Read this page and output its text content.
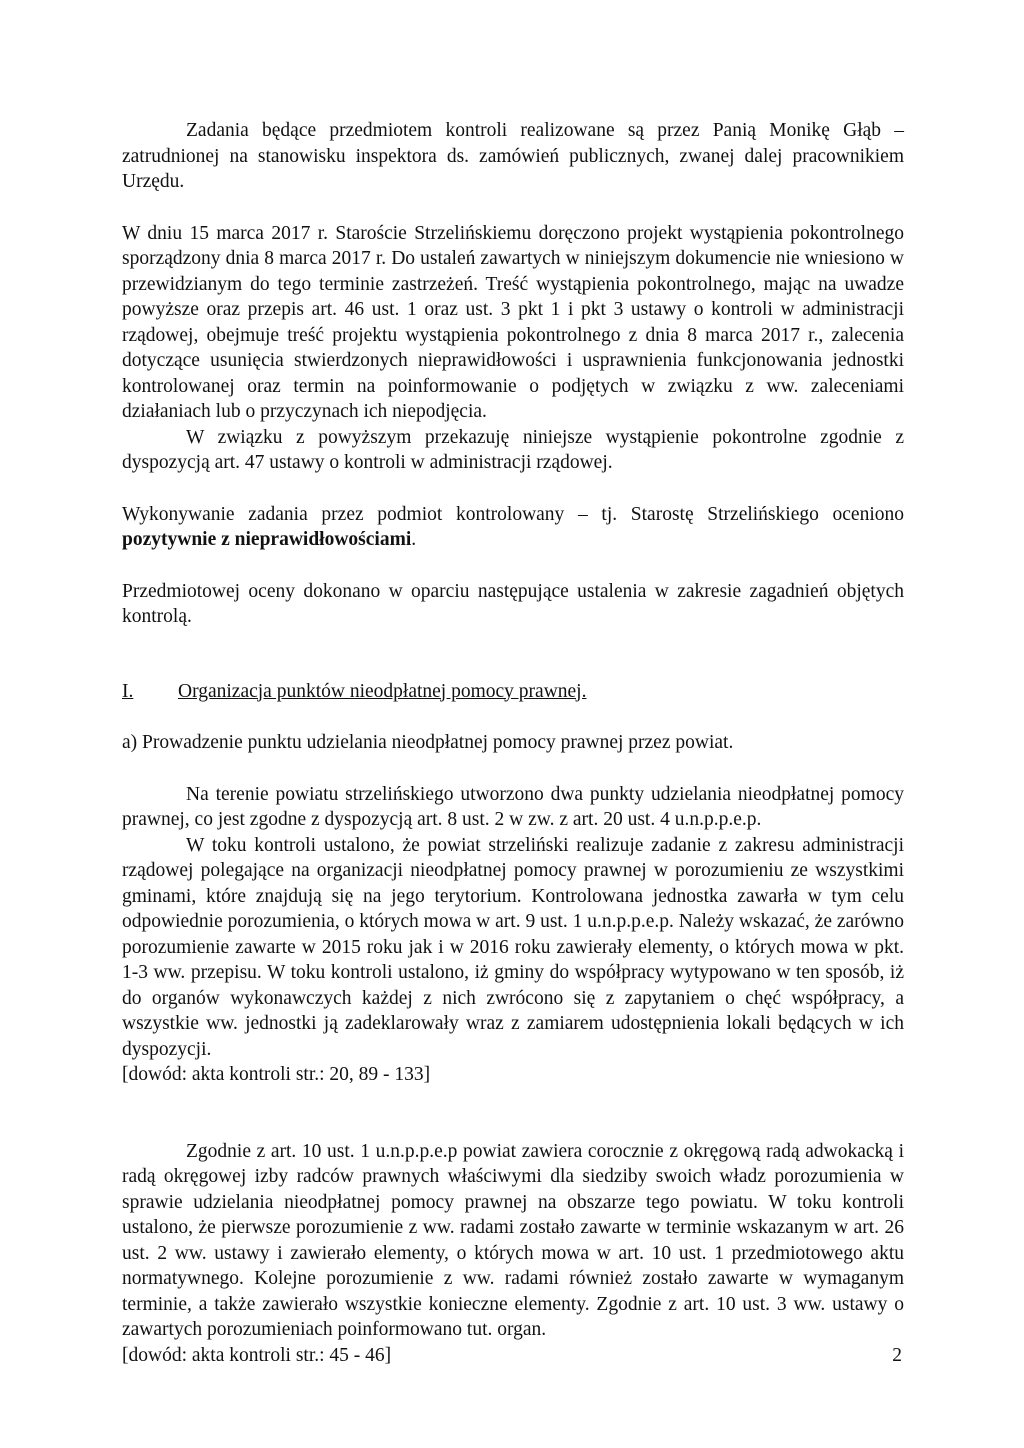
Zadania będące przedmiotem kontroli realizowane są przez Panią Monikę Głąb – zatrudnionej na stanowisku inspektora ds. zamówień publicznych, zwanej dalej pracownikiem Urzędu.

W dniu 15 marca 2017 r. Staroście Strzelińskiemu doręczono projekt wystąpienia pokontrolnego sporządzony dnia 8 marca 2017 r. Do ustaleń zawartych w niniejszym dokumencie nie wniesiono w przewidzianym do tego terminie zastrzeżeń. Treść wystąpienia pokontrolnego, mając na uwadze powyższe oraz przepis art. 46 ust. 1 oraz ust. 3 pkt 1 i pkt 3 ustawy o kontroli w administracji rządowej, obejmuje treść projektu wystąpienia pokontrolnego z dnia 8 marca 2017 r., zalecenia dotyczące usunięcia stwierdzonych nieprawidłowości i usprawnienia funkcjonowania jednostki kontrolowanej oraz termin na poinformowanie o podjętych w związku z ww. zaleceniami działaniach lub o przyczynach ich niepodjęcia.

W związku z powyższym przekazuję niniejsze wystąpienie pokontrolne zgodnie z dyspozycją art. 47 ustawy o kontroli w administracji rządowej.

Wykonywanie zadania przez podmiot kontrolowany – tj. Starostę Strzelińskiego oceniono pozytywnie z nieprawidłowościami.

Przedmiotowej oceny dokonano w oparciu następujące ustalenia w zakresie zagadnień objętych kontrolą.

I. Organizacja punktów nieodpłatnej pomocy prawnej.

a) Prowadzenie punktu udzielania nieodpłatnej pomocy prawnej przez powiat.

Na terenie powiatu strzelińskiego utworzono dwa punkty udzielania nieodpłatnej pomocy prawnej, co jest zgodne z dyspozycją art. 8 ust. 2 w zw. z art. 20 ust. 4 u.n.p.p.e.p.

W toku kontroli ustalono, że powiat strzeliński realizuje zadanie z zakresu administracji rządowej polegające na organizacji nieodpłatnej pomocy prawnej w porozumieniu ze wszystkimi gminami, które znajdują się na jego terytorium. Kontrolowana jednostka zawarła w tym celu odpowiednie porozumienia, o których mowa w art. 9 ust. 1 u.n.p.p.e.p. Należy wskazać, że zarówno porozumienie zawarte w 2015 roku jak i w 2016 roku zawierały elementy, o których mowa w pkt. 1-3 ww. przepisu. W toku kontroli ustalono, iż gminy do współpracy wytypowano w ten sposób, iż do organów wykonawczych każdej z nich zwrócono się z zapytaniem o chęć współpracy, a wszystkie ww. jednostki ją zadeklarowały wraz z zamiarem udostępnienia lokali będących w ich dyspozycji.

[dowód: akta kontroli str.: 20, 89 - 133]

Zgodnie z art. 10 ust. 1 u.n.p.p.e.p powiat zawiera corocznie z okręgową radą adwokacką i radą okręgowej izby radców prawnych właściwymi dla siedziby swoich władz porozumienia w sprawie udzielania nieodpłatnej pomocy prawnej na obszarze tego powiatu. W toku kontroli ustalono, że pierwsze porozumienie z ww. radami zostało zawarte w terminie wskazanym w art. 26 ust. 2 ww. ustawy i zawierało elementy, o których mowa w art. 10 ust. 1 przedmiotowego aktu normatywnego. Kolejne porozumienie z ww. radami również zostało zawarte w wymaganym terminie, a także zawierało wszystkie konieczne elementy. Zgodnie z art. 10 ust. 3 ww. ustawy o zawartych porozumieniach poinformowano tut. organ.

[dowód: akta kontroli str.: 45 - 46]	2
